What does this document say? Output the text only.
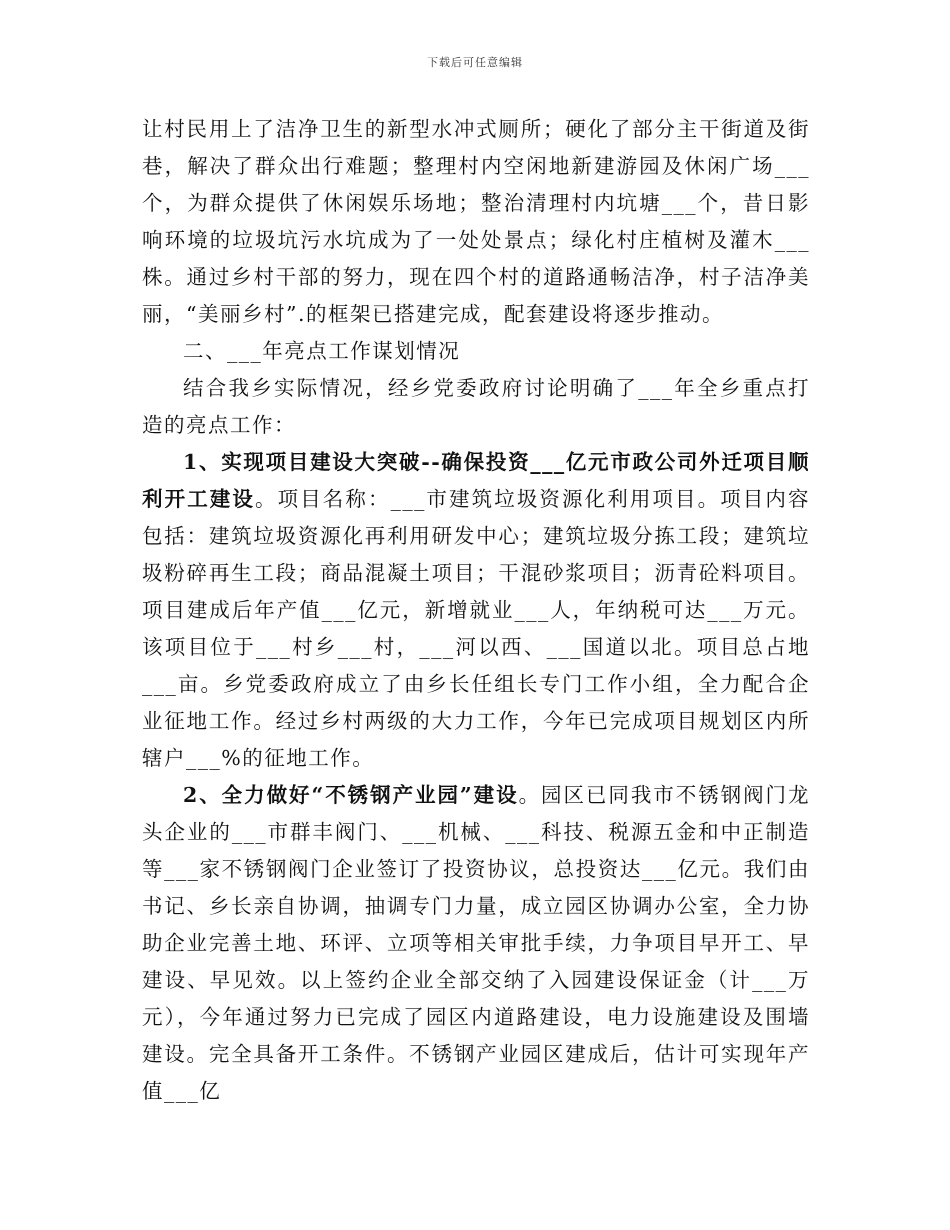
下载后可任意编辑

让村民用上了洁净卫生的新型水冲式厕所；硬化了部分主干街道及街巷，解决了群众出行难题；整理村内空闲地新建游园及休闲广场___个，为群众提供了休闲娱乐场地；整治清理村内坑塘___个，昔日影响环境的垃圾坑污水坑成为了一处处景点；绿化村庄植树及灌木___株。通过乡村干部的努力，现在四个村的道路通畅洁净，村子洁净美丽，“美丽乡村”.的框架已搭建完成，配套建设将逐步推动。

二、___年亮点工作谋划情况

结合我乡实际情况，经乡党委政府讨论明确了___年全乡重点打造的亮点工作：

1、实现项目建设大突破--确保投资___亿元市政公司外迁项目顺利开工建设。项目名称：___市建筑垃圾资源化利用项目。项目内容包括：建筑垃圾资源化再利用研发中心；建筑垃圾分拣工段；建筑垃圾粉碎再生工段；商品混凝土项目；干混砂浆项目；沥青砼料项目。项目建成后年产值___亿元，新增就业___人，年纳税可达___万元。该项目位于___村乡___村，___河以西、___国道以北。项目总占地___亩。乡党委政府成立了由乡长任组长专门工作小组，全力配合企业征地工作。经过乡村两级的大力工作，今年已完成项目规划区内所辖户___%的征地工作。

2、全力做好“不锈钢产业园”建设。园区已同我市不锈钢阀门龙头企业的___市群丰阀门、___机械、___科技、税源五金和中正制造等___家不锈钢阀门企业签订了投资协议，总投资达___亿元。我们由书记、乡长亲自协调，抽调专门力量，成立园区协调办公室，全力协助企业完善土地、环评、立项等相关审批手续，力争项目早开工、早建设、早见效。以上签约企业全部交纳了入园建设保证金（计___万元），今年通过努力已完成了园区内道路建设，电力设施建设及围墙建设。完全具备开工条件。不锈钢产业园区建成后，估计可实现年产值___亿
